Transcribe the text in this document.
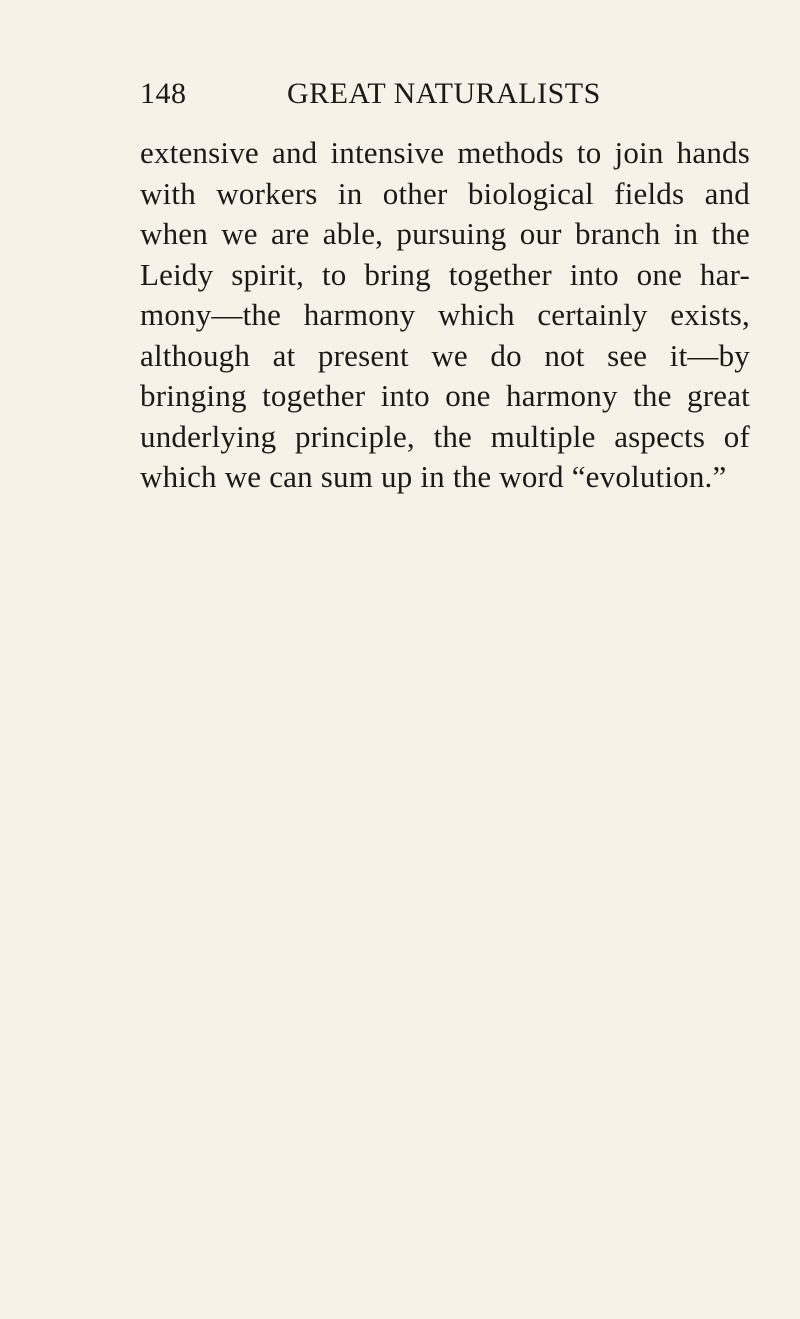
148	GREAT NATURALISTS
extensive and intensive methods to join hands
with workers in other biological fields and
when we are able, pursuing our branch in the
Leidy spirit, to bring together into one har-
mony—the harmony which certainly exists,
although at present we do not see it—by
bringing together into one harmony the great
underlying principle, the multiple aspects of
which we can sum up in the word “evolution.”
